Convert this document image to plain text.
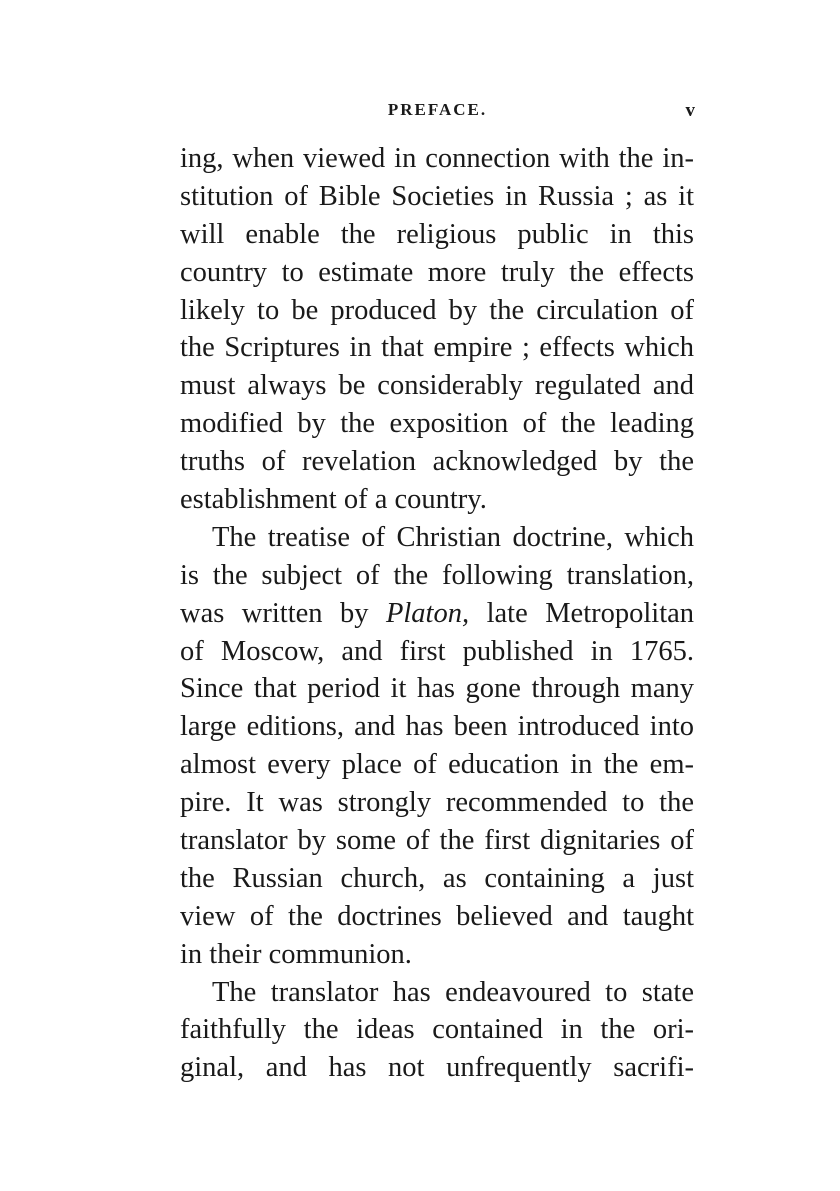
PREFACE.	v
ing, when viewed in connection with the in-
stitution of Bible Societies in Russia ; as it
will enable the religious public in this
country to estimate more truly the effects
likely to be produced by the circulation of
the Scriptures in that empire ; effects which
must always be considerably regulated and
modified by the exposition of the leading
truths of revelation acknowledged by the
establishment of a country.
The treatise of Christian doctrine, which
is the subject of the following translation,
was written by Platon, late Metropolitan
of Moscow, and first published in 1765.
Since that period it has gone through many
large editions, and has been introduced into
almost every place of education in the em-
pire. It was strongly recommended to the
translator by some of the first dignitaries of
the Russian church, as containing a just
view of the doctrines believed and taught
in their communion.
The translator has endeavoured to state
faithfully the ideas contained in the ori-
ginal, and has not unfrequently sacrifi-
